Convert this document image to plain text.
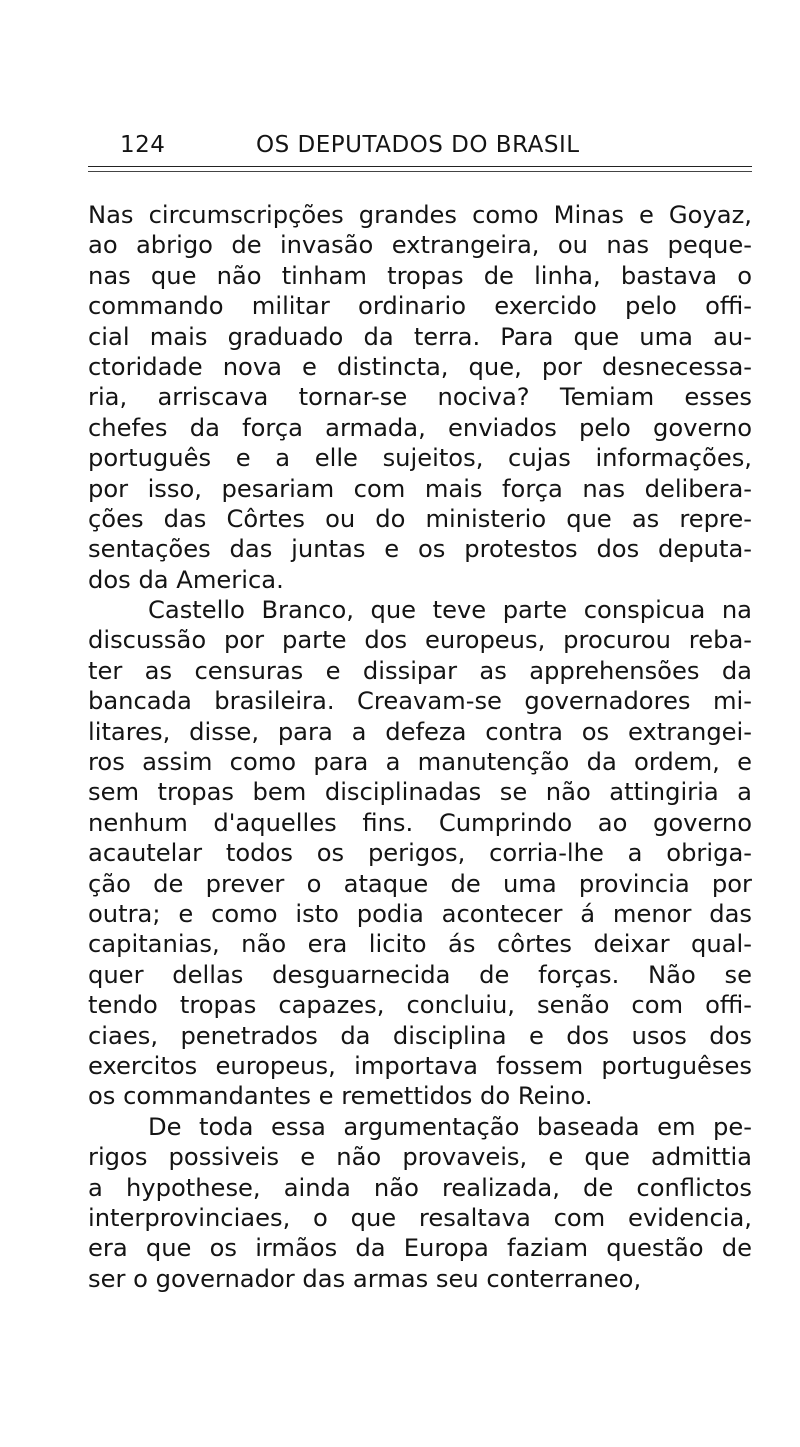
124	OS DEPUTADOS DO BRASIL
Nas circumscripções grandes como Minas e Goyaz,
ao abrigo de invasão extrangeira, ou nas peque-
nas que não tinham tropas de linha, bastava o
commando militar ordinario exercido pelo offi-
cial mais graduado da terra. Para que uma au-
ctoridade nova e distincta, que, por desnecessa-
ria, arriscava tornar-se nociva? Temiam esses
chefes da força armada, enviados pelo governo
português e a elle sujeitos, cujas informações,
por isso, pesariam com mais força nas delibera-
ções das Côrtes ou do ministerio que as repre-
sentações das juntas e os protestos dos deputa-
dos da America.
Castello Branco, que teve parte conspicua na
discussão por parte dos europeus, procurou reba-
ter as censuras e dissipar as apprehensões da
bancada brasileira. Creavam-se governadores mi-
litares, disse, para a defeza contra os extrangei-
ros assim como para a manutenção da ordem, e
sem tropas bem disciplinadas se não attingiria a
nenhum d'aquelles fins. Cumprindo ao governo
acautelar todos os perigos, corria-lhe a obriga-
ção de prever o ataque de uma provincia por
outra; e como isto podia acontecer á menor das
capitanias, não era licito ás côrtes deixar qual-
quer dellas desguarnecida de forças. Não se
tendo tropas capazes, concluiu, senão com offi-
ciaes, penetrados da disciplina e dos usos dos
exercitos europeus, importava fossem portuguêses
os commandantes e remettidos do Reino.
De toda essa argumentação baseada em pe-
rigos possiveis e não provaveis, e que admittia
a hypothese, ainda não realizada, de conflictos
interprovinciaes, o que resaltava com evidencia,
era que os irmãos da Europa faziam questão de
ser o governador das armas seu conterraneo,
